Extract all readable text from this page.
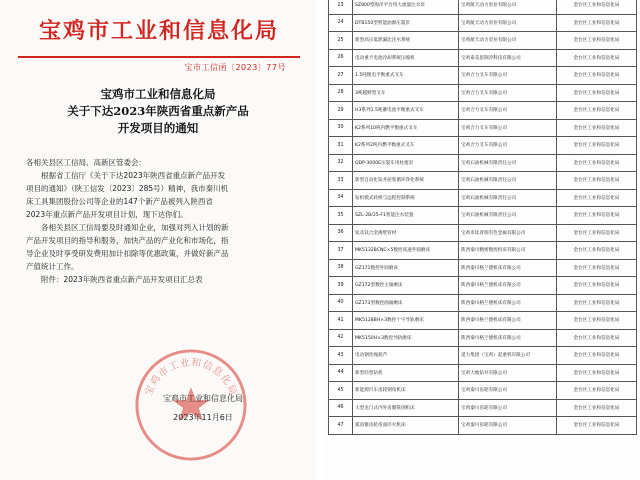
宝鸡市工业和信息化局
宝市工信函〔2023〕77号
宝鸡市工业和信息化局
关于下达2023年陕西省重点新产品
开发项目的通知
各相关县区工信局、高新区管委会：
根据省工信厅《关于下达2023年陕西省重点新产品开发
项目的通知》（陕工信发〔2023〕285号）精神，我市秦川机
床工具集团股份公司等企业的147个新产品被列入陕西省
2023年重点新产品开发项目计划，现下达你们。
各相关县区工信局要及时通知企业，加强对列入计划的新
产品开发项目的指导和服务，加快产品的产业化和市场化，指
导企业及时享受研发费用加计扣除等优惠政策，并做好新产品
产值统计工作。
附件：2023年陕西省重点新产品开发项目汇总表
宝鸡市工业和信息化局
宝鸡市工业和信息化局
2023年11月6日
23	SZ800型海洋平台用大流量注水泵	宝鸡航天动力泵业有限公司	金台区工业和信息化局
24	DTB150型智能油源压裂泵	宝鸡航天动力泵业有限公司	金台区工业和信息化局
25	新型高压低泄漏比注水系统	宝鸡航天动力泵业有限公司	金台区工业和信息化局
26	电动重卡电池冷却系统压缩机	宝鸡泰美思制冷科技有限公司	金台区工业和信息化局
27	1.5吨锂电平衡重式叉车	宝鸡合力叉车有限公司	金台区工业和信息化局
28	3吨越野型叉车	宝鸡合力叉车有限公司	金台区工业和信息化局
29	H3系列1.5吨蓄电池平衡重式叉车	宝鸡合力叉车有限公司	金台区工业和信息化局
30	K2系列10吨内燃平衡重式叉车	宝鸡合力叉车有限公司	金台区工业和信息化局
31	K2系列2吨内燃平衡重式叉车	宝鸡合力叉车有限公司	金台区工业和信息化局
32	QDP-3000E压裂车用柱塞泵	宝鸡石油机械有限责任公司	金台区工业和信息化局
33	新型自动化钻井泥浆循环净化系统	宝鸡石油机械有限责任公司	金台区工业和信息化局
34	钻机模式转换与远程控制系统	宝鸡石油机械有限责任公司	金台区工业和信息化局
35	SZL-2B/25-F1智能注水装置	宝鸡石油机械有限责任公司	金台区工业和信息化局
36	钛及钛合金薄壁管材	宝鸡市钛普瑞有色金属有限公司	金台区工业和信息化局
37	MK5132BCNC×5数控高速外圆磨床	陕西秦川精密数控机床有限公司	金台区工业和信息化局
38	GZ171数控外圆磨床	陕西秦川格兰德机床有限公司	金台区工业和信息化局
39	GZ172型数控主轴磨床	陕西秦川格兰德机床有限公司	金台区工业和信息化局
40	GZ173型数控曲轴磨床	陕西秦川格兰德机床有限公司	金台区工业和信息化局
41	MK5128BH×3数控十字导轨磨床	陕西秦川格兰德机床有限公司	金台区工业和信息化局
42	MK5150H×3数控导轨磨床	陕西秦川格兰德机床有限公司	金台区工业和信息化局
43	电动钢丝绳葫芦	延力集团（宝鸡）起重机有限公司	金台区工业和信息化局
44	新型轻型钻机	宝鸡大地钻井有限公司	金台区工业和信息化局
45	新能源汽车齿轮钢角机床	宝鸡秦川齿轮有限公司	金台区工业和信息化局
46	大型龙门式内外齿圈铣削机床	宝鸡秦川齿轮有限公司	金台区工业和信息化局
47	弧齿锥齿轮齿面淬火机床	宝鸡秦川齿轮有限公司	金台区工业和信息化局
